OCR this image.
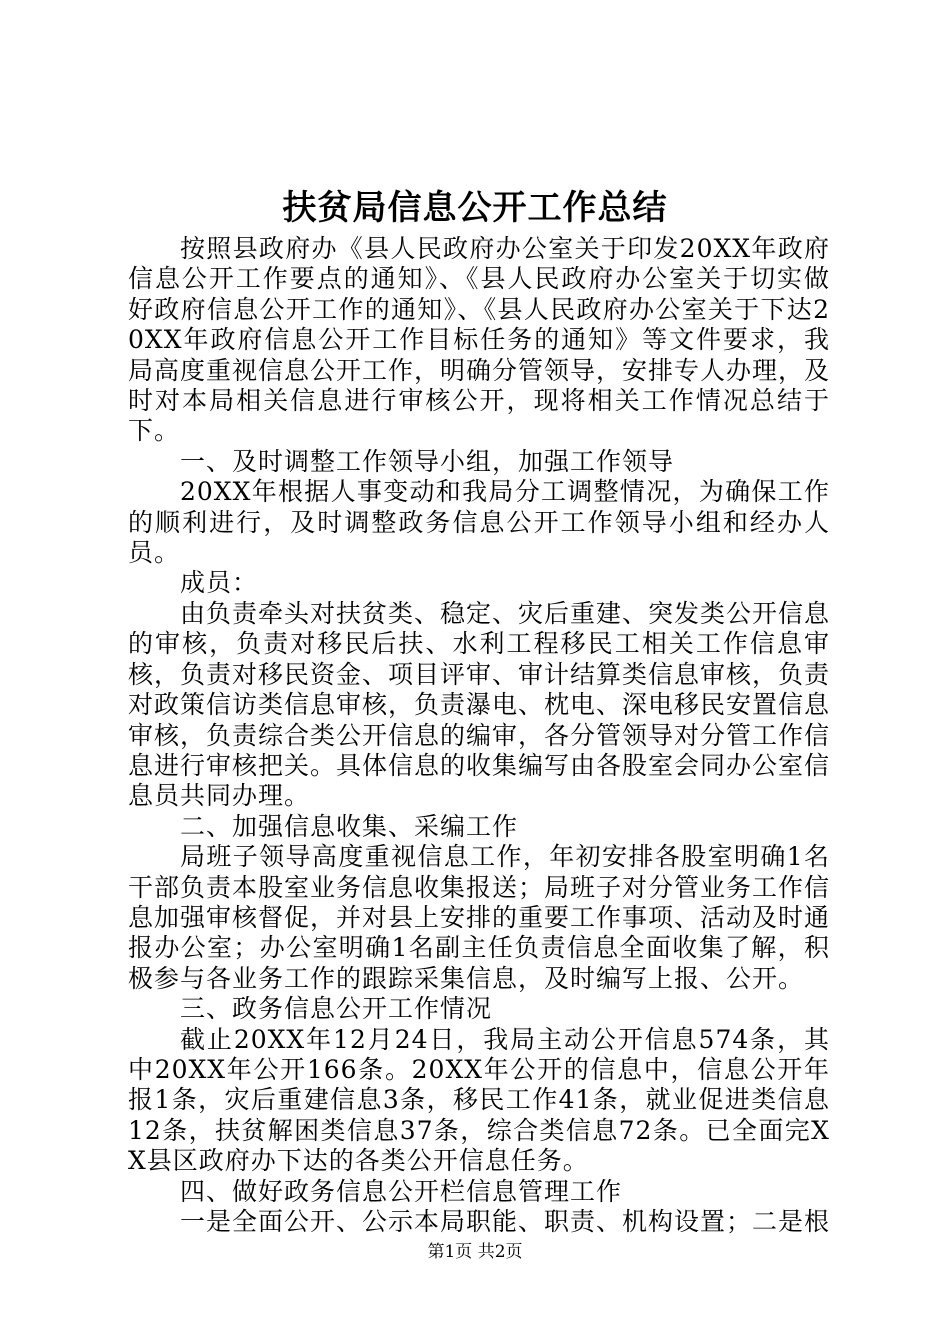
扶贫局信息公开工作总结

按照县政府办《县人民政府办公室关于印发20XX年政府信息公开工作要点的通知》、《县人民政府办公室关于切实做好政府信息公开工作的通知》、《县人民政府办公室关于下达20XX年政府信息公开工作目标任务的通知》等文件要求，我局高度重视信息公开工作，明确分管领导，安排专人办理，及时对本局相关信息进行审核公开，现将相关工作情况总结于下。

一、及时调整工作领导小组，加强工作领导

20XX年根据人事变动和我局分工调整情况，为确保工作的顺利进行，及时调整政务信息公开工作领导小组和经办人员。

成员：

由负责牵头对扶贫类、稳定、灾后重建、突发类公开信息的审核，负责对移民后扶、水利工程移民工相关工作信息审核，负责对移民资金、项目评审、审计结算类信息审核，负责对政策信访类信息审核，负责瀑电、枕电、深电移民安置信息审核，负责综合类公开信息的编审，各分管领导对分管工作信息进行审核把关。具体信息的收集编写由各股室会同办公室信息员共同办理。

二、加强信息收集、采编工作

局班子领导高度重视信息工作，年初安排各股室明确1名干部负责本股室业务信息收集报送；局班子对分管业务工作信息加强审核督促，并对县上安排的重要工作事项、活动及时通报办公室；办公室明确1名副主任负责信息全面收集了解，积极参与各业务工作的跟踪采集信息，及时编写上报、公开。

三、政务信息公开工作情况

截止20XX年12月24日，我局主动公开信息574条，其中20XX年公开166条。20XX年公开的信息中，信息公开年报1条，灾后重建信息3条，移民工作41条，就业促进类信息12条，扶贫解困类信息37条，综合类信息72条。已全面完XX县区政府办下达的各类公开信息任务。

四、做好政务信息公开栏信息管理工作

一是全面公开、公示本局职能、职责、机构设置；二是根

第1页 共2页
